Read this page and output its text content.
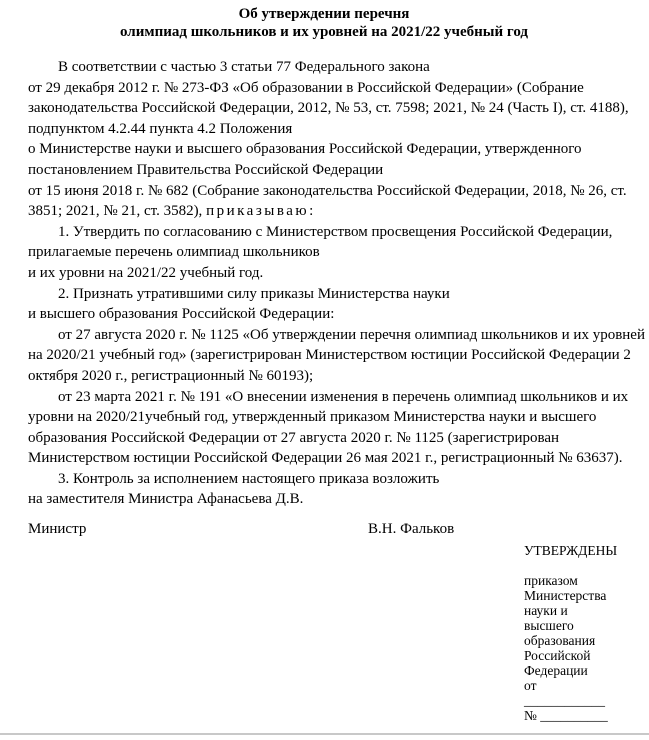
Об утверждении перечня
олимпиад школьников и их уровней на 2021/22 учебный год
В соответствии с частью 3 статьи 77 Федерального закона
от 29 декабря 2012 г. № 273-ФЗ «Об образовании в Российской Федерации» (Собрание
законодательства Российской Федерации, 2012, № 53, ст. 7598; 2021, № 24 (Часть I), ст. 4188),
подпунктом 4.2.44 пункта 4.2 Положения
о Министерстве науки и высшего образования Российской Федерации, утвержденного
постановлением Правительства Российской Федерации
от 15 июня 2018 г. № 682 (Собрание законодательства Российской Федерации, 2018, № 26, ст.
3851; 2021, № 21, ст. 3582), приказываю:
1. Утвердить по согласованию с Министерством просвещения Российской Федерации,
прилагаемые перечень олимпиад школьников
и их уровни на 2021/22 учебный год.
2. Признать утратившими силу приказы Министерства науки
и высшего образования Российской Федерации:
от 27 августа 2020 г. № 1125 «Об утверждении перечня олимпиад школьников и их уровней
на 2020/21 учебный год» (зарегистрирован Министерством юстиции Российской Федерации 2
октября 2020 г., регистрационный № 60193);
от 23 марта 2021 г. № 191 «О внесении изменения в перечень олимпиад школьников и их
уровни на 2020/21учебный год, утвержденный приказом Министерства науки и высшего
образования Российской Федерации от 27 августа 2020 г. № 1125 (зарегистрирован
Министерством юстиции Российской Федерации 26 мая 2021 г., регистрационный № 63637).
3. Контроль за исполнением настоящего приказа возложить
на заместителя Министра Афанасьева Д.В.
Министр	В.Н. Фальков
УТВЕРЖДЕНЫ
приказом
Министерства
науки и
высшего
образования
Российской
Федерации
от
____________
№ __________
